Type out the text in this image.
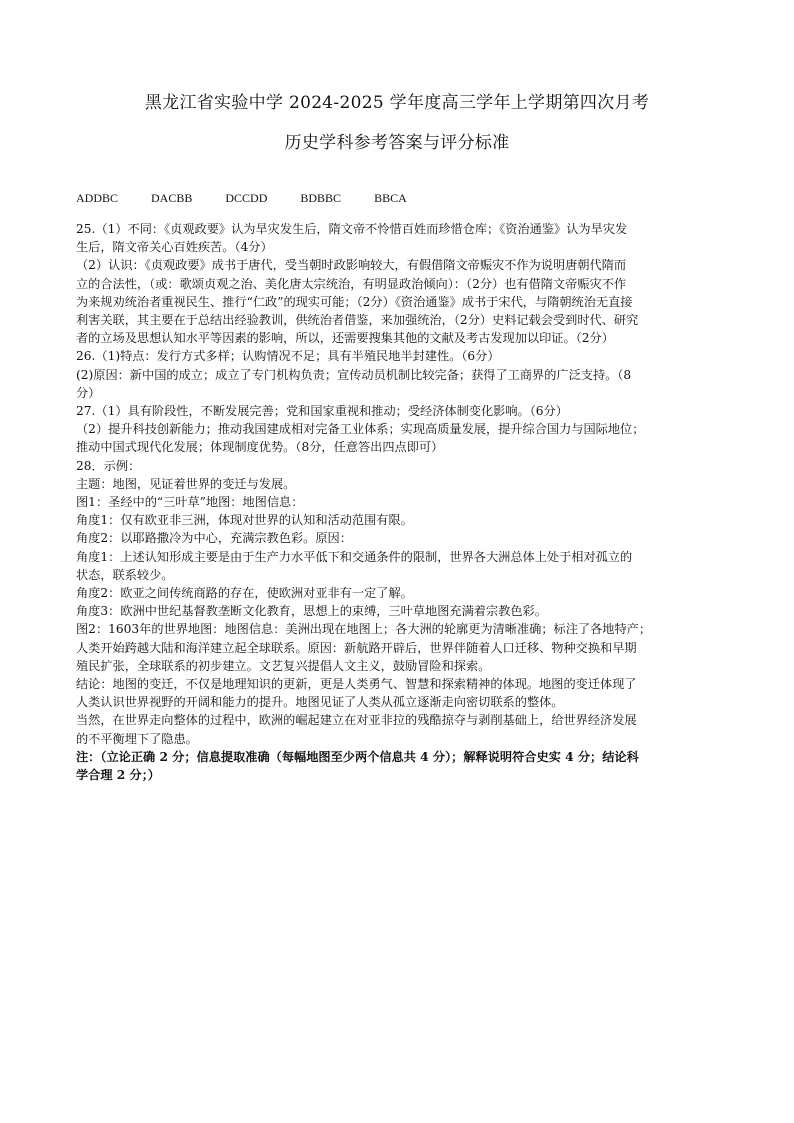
黑龙江省实验中学 2024-2025 学年度高三学年上学期第四次月考
历史学科参考答案与评分标准
ADDBC	DACBB	DCCDD	BDBBC	BBCA

25.（1）不同：《贞观政要》认为旱灾发生后，隋文帝不怜惜百姓而珍惜仓库；《资治通鉴》认为旱灾发

生后，隋文帝关心百姓疾苦。（4分）

（2）认识：《贞观政要》成书于唐代，受当朝时政影响较大，有假借隋文帝赈灾不作为说明唐朝代隋而

立的合法性，（或：歌颂贞观之治、美化唐太宗统治，有明显政治倾向）：（2分）也有借隋文帝赈灾不作

为来规劝统治者重视民生、推行“仁政”的现实可能；（2分）《资治通鉴》成书于宋代，与隋朝统治无直接

利害关联，其主要在于总结出经验教训，供统治者借鉴，来加强统治，（2分）史料记载会受到时代、研究

者的立场及思想认知水平等因素的影响，所以，还需要搜集其他的文献及考古发现加以印证。（2分）

26.（1)特点：发行方式多样；认购情况不足；具有半殖民地半封建性。（6分）

(2)原因：新中国的成立；成立了专门机构负责；宣传动员机制比较完备；获得了工商界的广泛支持。（8

分）

27.（1）具有阶段性，不断发展完善；党和国家重视和推动；受经济体制变化影响。（6分）

（2）提升科技创新能力；推动我国建成相对完备工业体系；实现高质量发展，提升综合国力与国际地位；

推动中国式现代化发展；体现制度优势。（8分，任意答出四点即可）

28．示例：

主题：地图，见证着世界的变迁与发展。

图1：圣经中的“三叶草”地图：地图信息：

角度1：仅有欧亚非三洲，体现对世界的认知和活动范围有限。

角度2：以耶路撒冷为中心，充满宗教色彩。原因：

角度1：上述认知形成主要是由于生产力水平低下和交通条件的限制，世界各大洲总体上处于相对孤立的

状态，联系较少。

角度2：欧亚之间传统商路的存在，使欧洲对亚非有一定了解。

角度3：欧洲中世纪基督教垄断文化教育，思想上的束缚，三叶草地图充满着宗教色彩。

图2：1603年的世界地图：地图信息：美洲出现在地图上；各大洲的轮廓更为清晰准确；标注了各地特产；

人类开始跨越大陆和海洋建立起全球联系。原因：新航路开辟后，世界伴随着人口迁移、物种交换和早期

殖民扩张，全球联系的初步建立。文艺复兴提倡人文主义，鼓励冒险和探索。

结论：地图的变迁，不仅是地理知识的更新，更是人类勇气、智慧和探索精神的体现。地图的变迁体现了

人类认识世界视野的开阔和能力的提升。地图见证了人类从孤立逐渐走向密切联系的整体。

当然，在世界走向整体的过程中，欧洲的崛起建立在对亚非拉的残酷掠夺与剥削基础上，给世界经济发展

的不平衡埋下了隐患。

注：（立论正确 2 分；信息提取准确（每幅地图至少两个信息共 4 分）；解释说明符合史实 4 分；结论科

学合理 2 分；）
